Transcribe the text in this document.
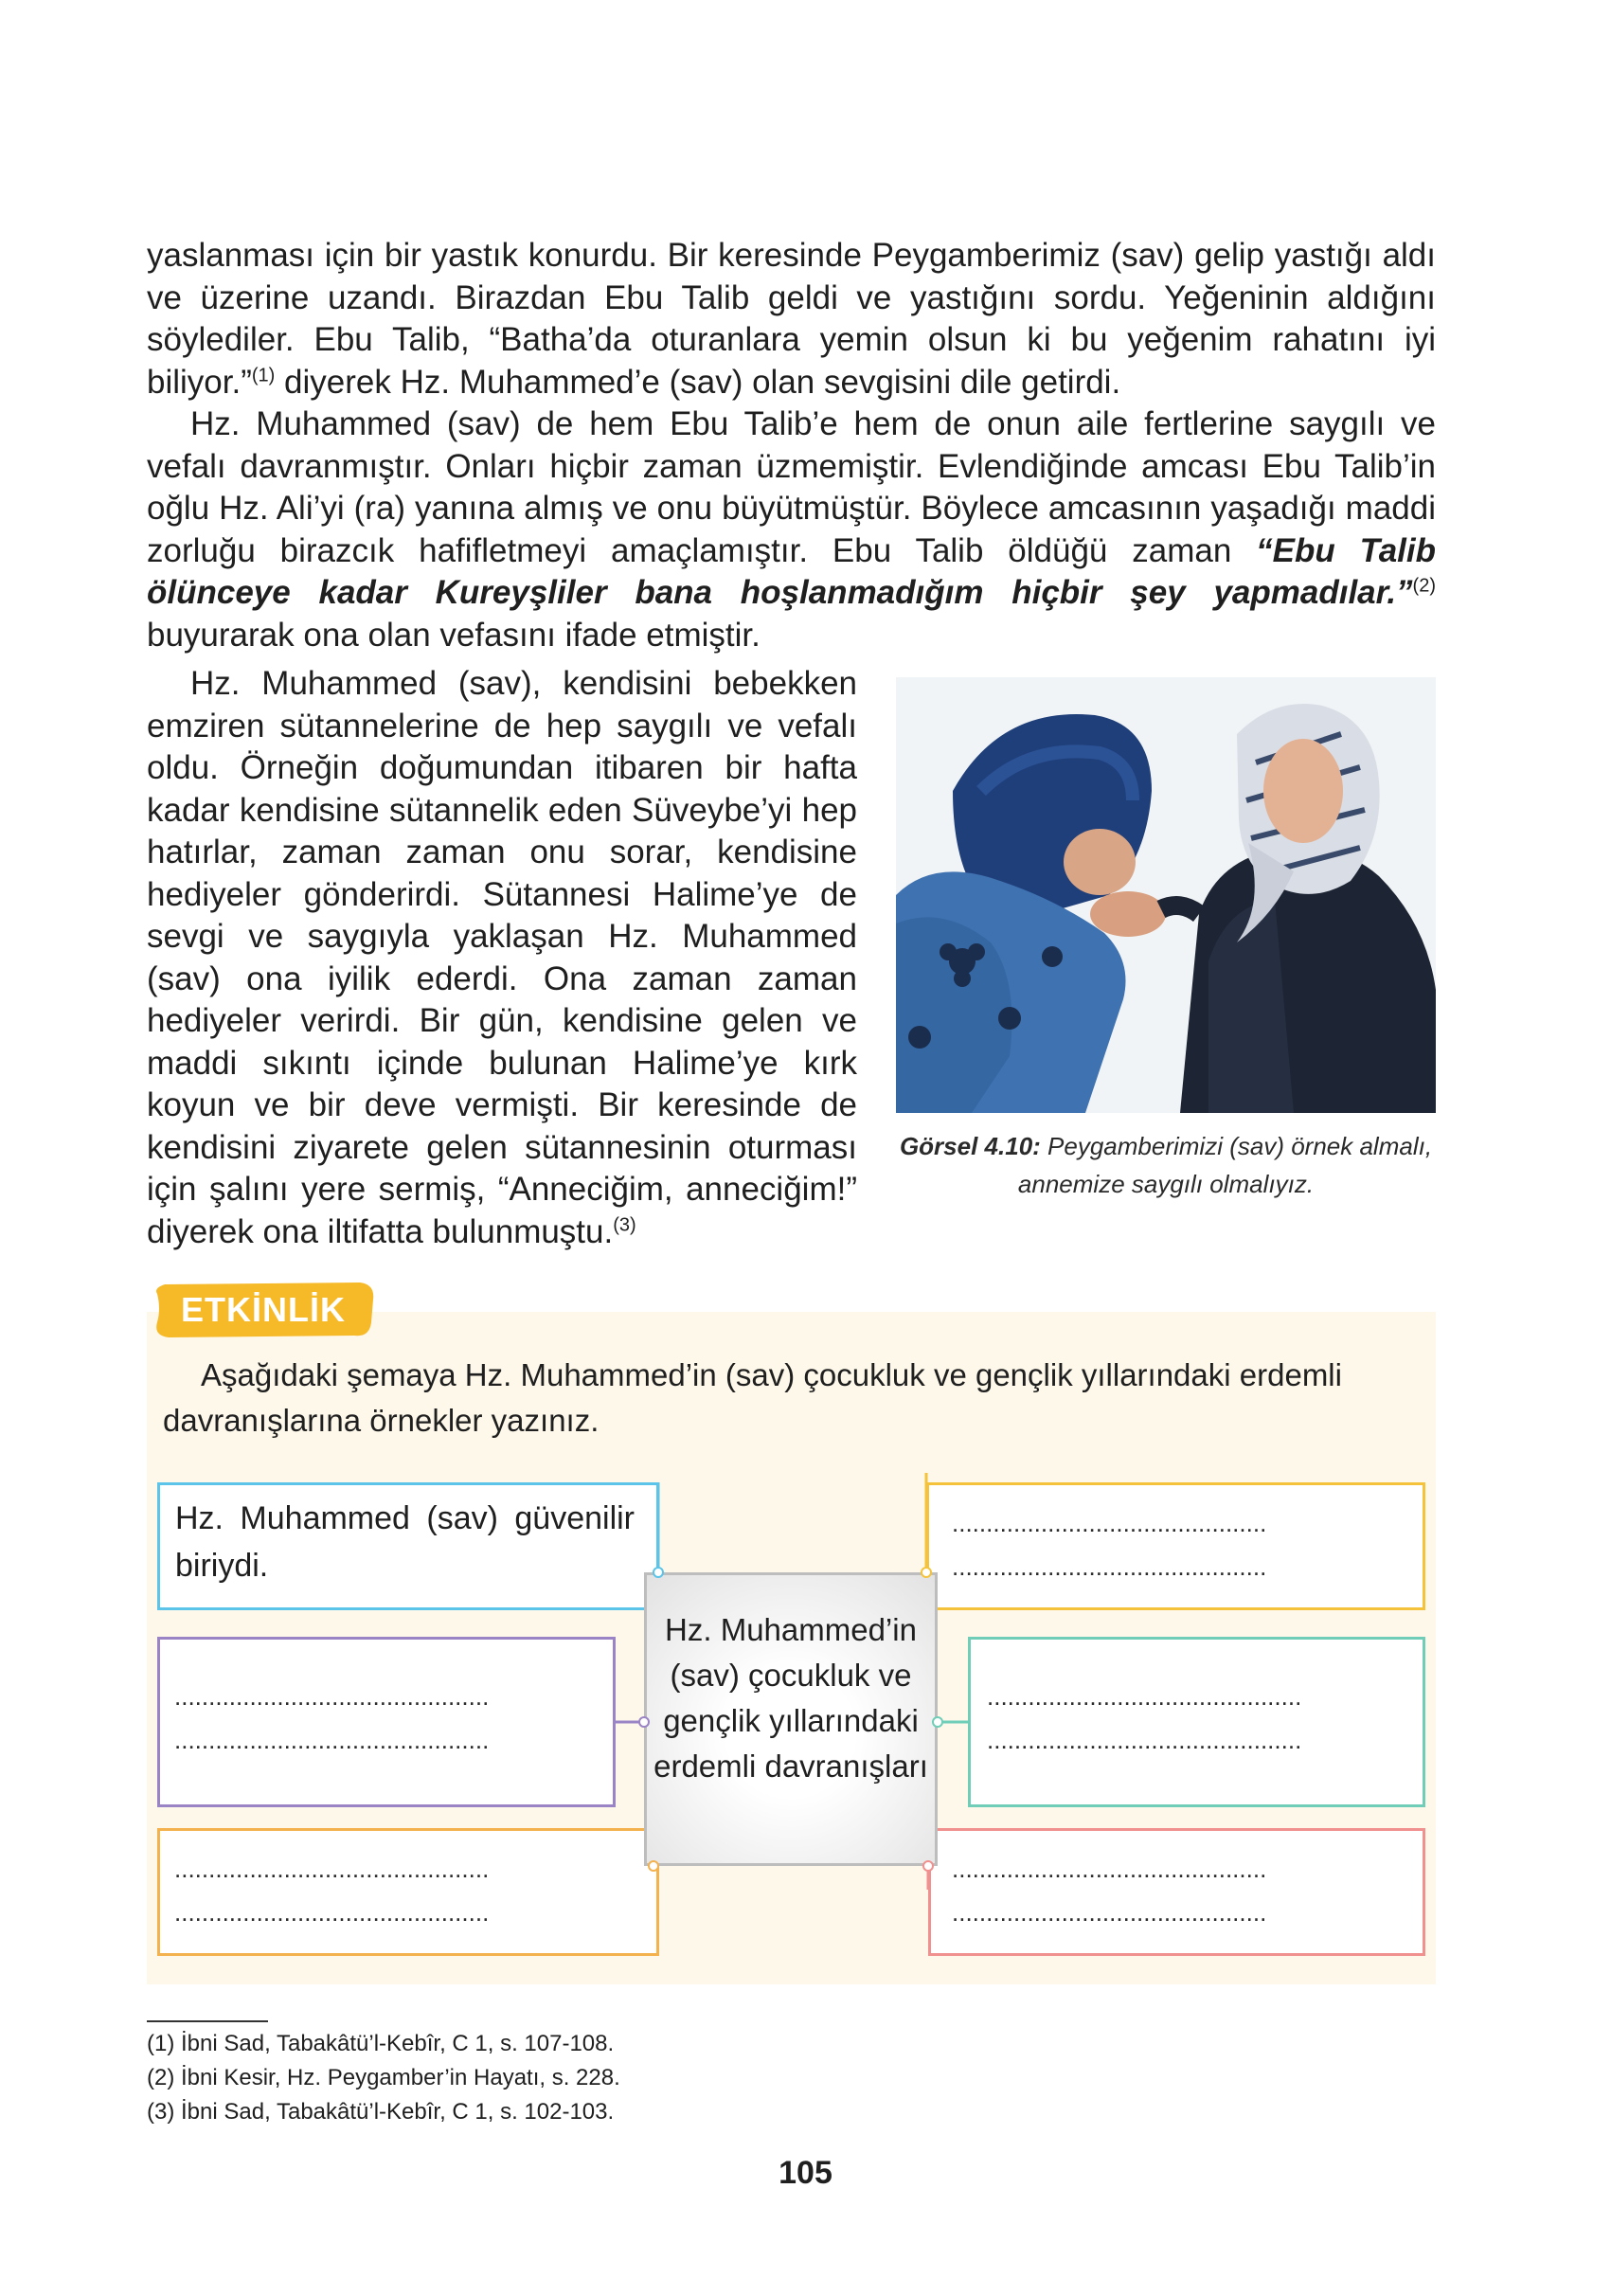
yaslanması için bir yastık konurdu. Bir keresinde Peygamberimiz (sav) gelip yastığı aldı ve üzerine uzandı. Birazdan Ebu Talib geldi ve yastığını sordu. Yeğeninin aldığını söylediler. Ebu Talib, “Batha’da oturanlara yemin olsun ki bu yeğenim rahatını iyi biliyor.”$^{(1)}$ diyerek Hz. Muhammed’e (sav) olan sevgisini dile getirdi.

Hz. Muhammed (sav) de hem Ebu Talib’e hem de onun aile fertlerine saygılı ve vefalı davranmıştır. Onları hiçbir zaman üzmemiştir. Evlendiğinde amcası Ebu Talib’in oğlu Hz. Ali’yi (ra) yanına almış ve onu büyütmüştür. Böylece amcasının yaşadığı maddi zorluğu birazcık hafifletmeyi amaçlamıştır. Ebu Talib öldüğü zaman “Ebu Talib ölünceye kadar Kureyşliler bana hoşlanmadığım hiçbir şey yapmadılar.”$^{(2)}$ buyurarak ona olan vefasını ifade etmiştir.

Hz. Muhammed (sav), kendisini bebekken emziren sütannelerine de hep saygılı ve vefalı oldu. Örneğin doğumundan itibaren bir hafta kadar kendisine sütannelik eden Süveybe’yi hep hatırlar, zaman zaman onu sorar, kendisine hediyeler gönderirdi. Sütannesi Halime’ye de sevgi ve saygıyla yaklaşan Hz. Muhammed (sav) ona iyilik ederdi. Ona zaman zaman hediyeler verirdi. Bir gün, kendisine gelen ve maddi sıkıntı içinde bulunan Halime’ye kırk koyun ve bir deve vermişti. Bir keresinde de kendisini ziyarete gelen sütannesinin oturması için şalını yere sermiş, “Anneciğim, anneciğim!” diyerek ona iltifatta bulunmuştu.$^{(3)}$

Görsel 4.10: Peygamberimizi (sav) örnek almalı, annemize saygılı olmalıyız.
ETKİNLİK
Aşağıdaki şemaya Hz. Muhammed’in (sav) çocukluk ve gençlik yıllarındaki erdemli davranışlarına örnekler yazınız.
Hz. Muhammed (sav) güvenilir biriydi.
..............................................
..............................................
..............................................
..............................................
..............................................
..............................................
..............................................
..............................................
..............................................
..............................................
Hz. Muhammed’in (sav) çocukluk ve gençlik yıllarındaki erdemli davranışları
(1) İbni Sad, Tabakâtü’l-Kebîr, C 1, s. 107-108.
(2) İbni Kesir, Hz. Peygamber’in Hayatı, s. 228.
(3) İbni Sad, Tabakâtü’l-Kebîr, C 1, s. 102-103.
105
